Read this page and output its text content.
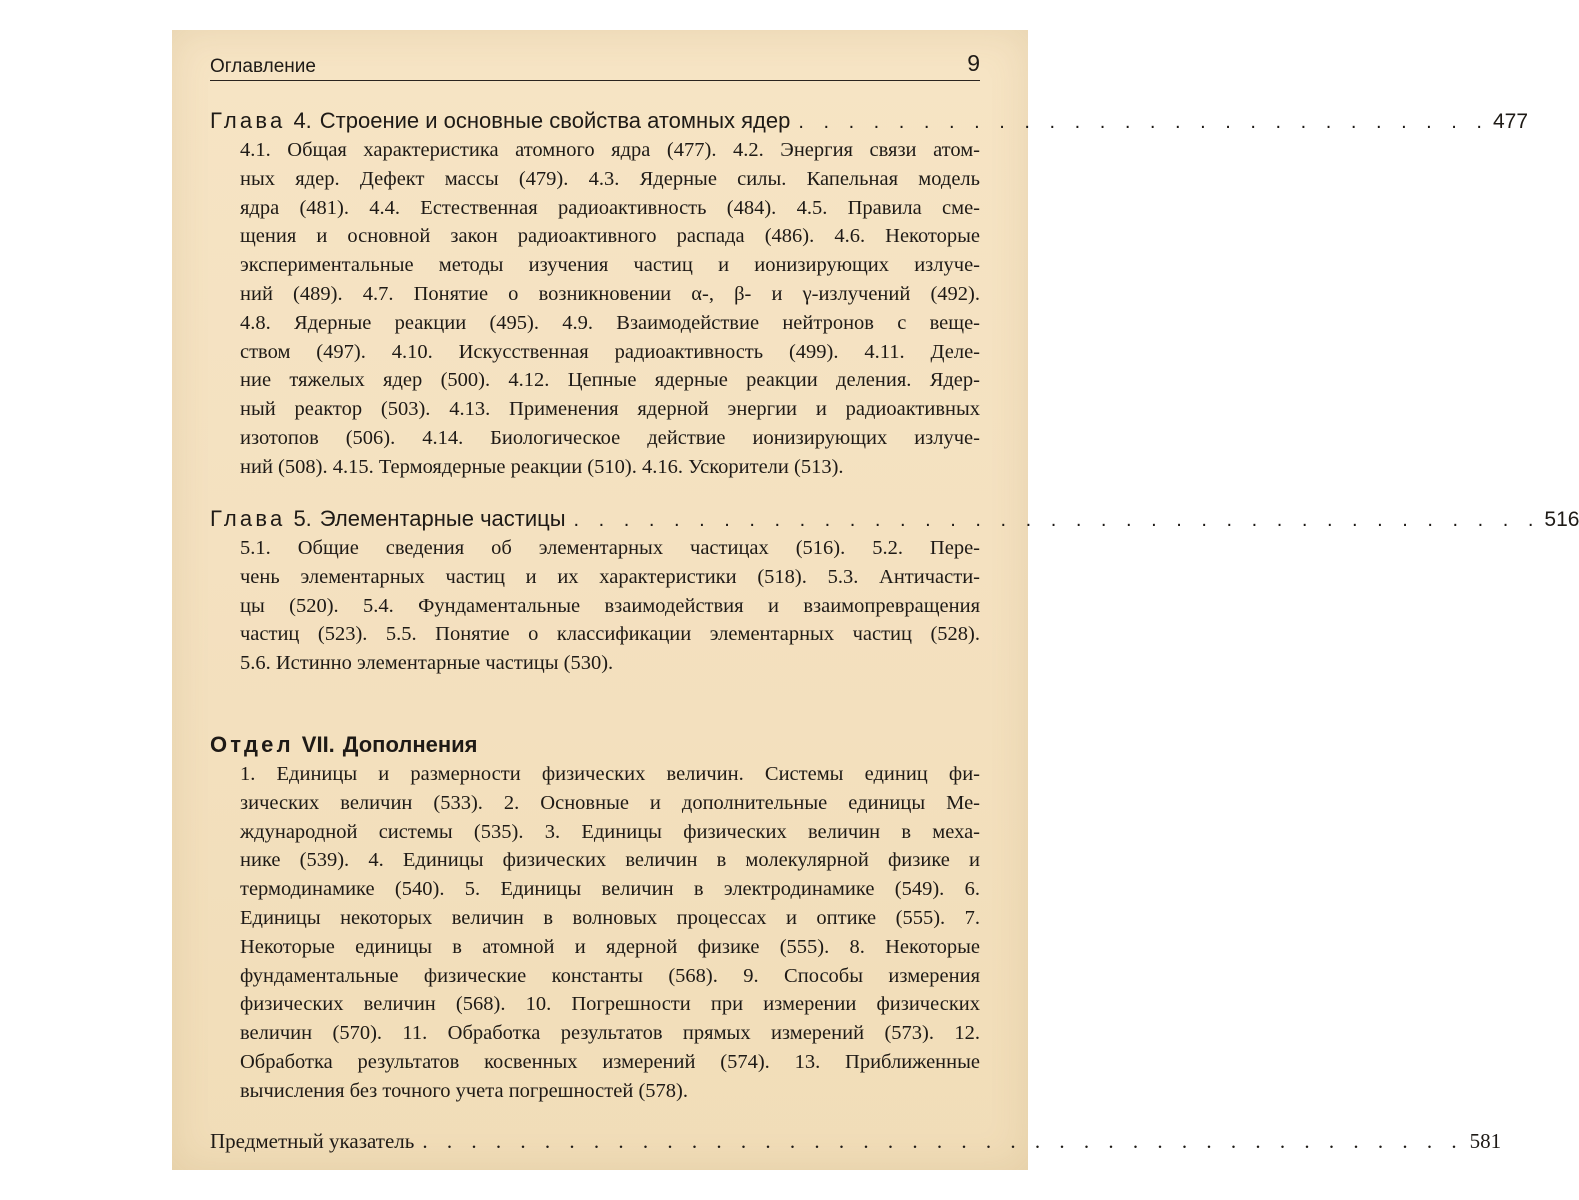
Оглавление	9
Глава 4. Строение и основные свойства атомных ядер . . . . . . . . . . . . . . . . . . . . . . . . . . . . 477
4.1. Общая характеристика атомного ядра (477). 4.2. Энергия связи атом-
ных ядер. Дефект массы (479). 4.3. Ядерные силы. Капельная модель
ядра (481). 4.4. Естественная радиоактивность (484). 4.5. Правила сме-
щения и основной закон радиоактивного распада (486). 4.6. Некоторые
экспериментальные методы изучения частиц и ионизирующих излуче-
ний (489). 4.7. Понятие о возникновении α-, β- и γ-излучений (492).
4.8. Ядерные реакции (495). 4.9. Взаимодействие нейтронов с веще-
ством (497). 4.10. Искусственная радиоактивность (499). 4.11. Деле-
ние тяжелых ядер (500). 4.12. Цепные ядерные реакции деления. Ядер-
ный реактор (503). 4.13. Применения ядерной энергии и радиоактивных
изотопов (506). 4.14. Биологическое действие ионизирующих излуче-
ний (508). 4.15. Термоядерные реакции (510). 4.16. Ускорители (513).
Глава 5. Элементарные частицы . . . . . . . . . . . . . . . . . . . . . . . . . . . . . . . . . . . . . . . 516
5.1. Общие сведения об элементарных частицах (516). 5.2. Пере-
чень элементарных частиц и их характеристики (518). 5.3. Античасти-
цы (520). 5.4. Фундаментальные взаимодействия и взаимопревращения
частиц (523). 5.5. Понятие о классификации элементарных частиц (528).
5.6. Истинно элементарные частицы (530).
Отдел VII. Дополнения
1. Единицы и размерности физических величин. Системы единиц фи-
зических величин (533). 2. Основные и дополнительные единицы Ме-
ждународной системы (535). 3. Единицы физических величин в меха-
нике (539). 4. Единицы физических величин в молекулярной физике и
термодинамике (540). 5. Единицы величин в электродинамике (549). 6.
Единицы некоторых величин в волновых процессах и оптике (555). 7.
Некоторые единицы в атомной и ядерной физике (555). 8. Некоторые
фундаментальные физические константы (568). 9. Способы измерения
физических величин (568). 10. Погрешности при измерении физических
величин (570). 11. Обработка результатов прямых измерений (573). 12.
Обработка результатов косвенных измерений (574). 13. Приближенные
вычисления без точного учета погрешностей (578).
Предметный указатель . . . . . . . . . . . . . . . . . . . . . . . . . . . . . . . . . . . . . . . . . . . 581
